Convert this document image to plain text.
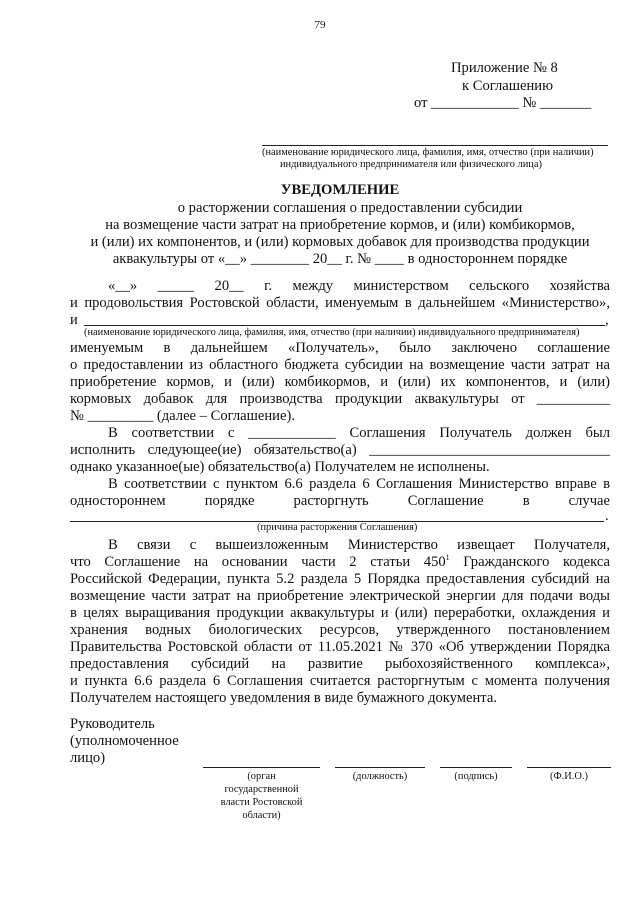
79
Приложение № 8
к Соглашению
от ____________ № _______
(наименование юридического лица, фамилия, имя, отчество (при наличии)
индивидуального предпринимателя или физического лица)
УВЕДОМЛЕНИЕ
о расторжении соглашения о предоставлении субсидии
на возмещение части затрат на приобретение кормов, и (или) комбикормов,
и (или) их компонентов, и (или) кормовых добавок для производства продукции
аквакультуры от «__» ________ 20__ г. № ____ в одностороннем порядке
«__» _____ 20__ г. между министерством сельского хозяйства
и продовольствия Ростовской области, именуемым в дальнейшем «Министерство»,
и	,
(наименование юридического лица, фамилия, имя, отчество (при наличии) индивидуального предпринимателя)
именуемым в дальнейшем «Получатель», было заключено соглашение
о предоставлении из областного бюджета субсидии на возмещение части затрат на
приобретение кормов, и (или) комбикормов, и (или) их компонентов, и (или)
кормовых добавок для производства продукции аквакультуры от __________
№ _________ (далее – Соглашение).
В соответствии с ____________ Соглашения Получатель должен был
исполнить следующее(ие) обязательство(а) _________________________________
однако указанное(ые) обязательство(а) Получателем не исполнены.
В соответствии с пунктом 6.6 раздела 6 Соглашения Министерство вправе в
одностороннем порядке расторгнуть Соглашение в случае
.
(причина расторжения Соглашения)
В связи с вышеизложенным Министерство извещает Получателя,
что Соглашение на основании части 2 статьи $450^1$ Гражданского кодекса
Российской Федерации, пункта 5.2 раздела 5 Порядка предоставления субсидий на
возмещение части затрат на приобретение электрической энергии для подачи воды
в целях выращивания продукции аквакультуры и (или) переработки, охлаждения и
хранения водных биологических ресурсов, утвержденного постановлением
Правительства Ростовской области от 11.05.2021 № 370 «Об утверждении Порядка
предоставления субсидий на развитие рыбохозяйственного комплекса»,
и пункта 6.6 раздела 6 Соглашения считается расторгнутым с момента получения
Получателем настоящего уведомления в виде бумажного документа.
Руководитель
(уполномоченное
лицо)
(орган
государственной
власти Ростовской
области)
(должность)	(подпись)	(Ф.И.О.)
